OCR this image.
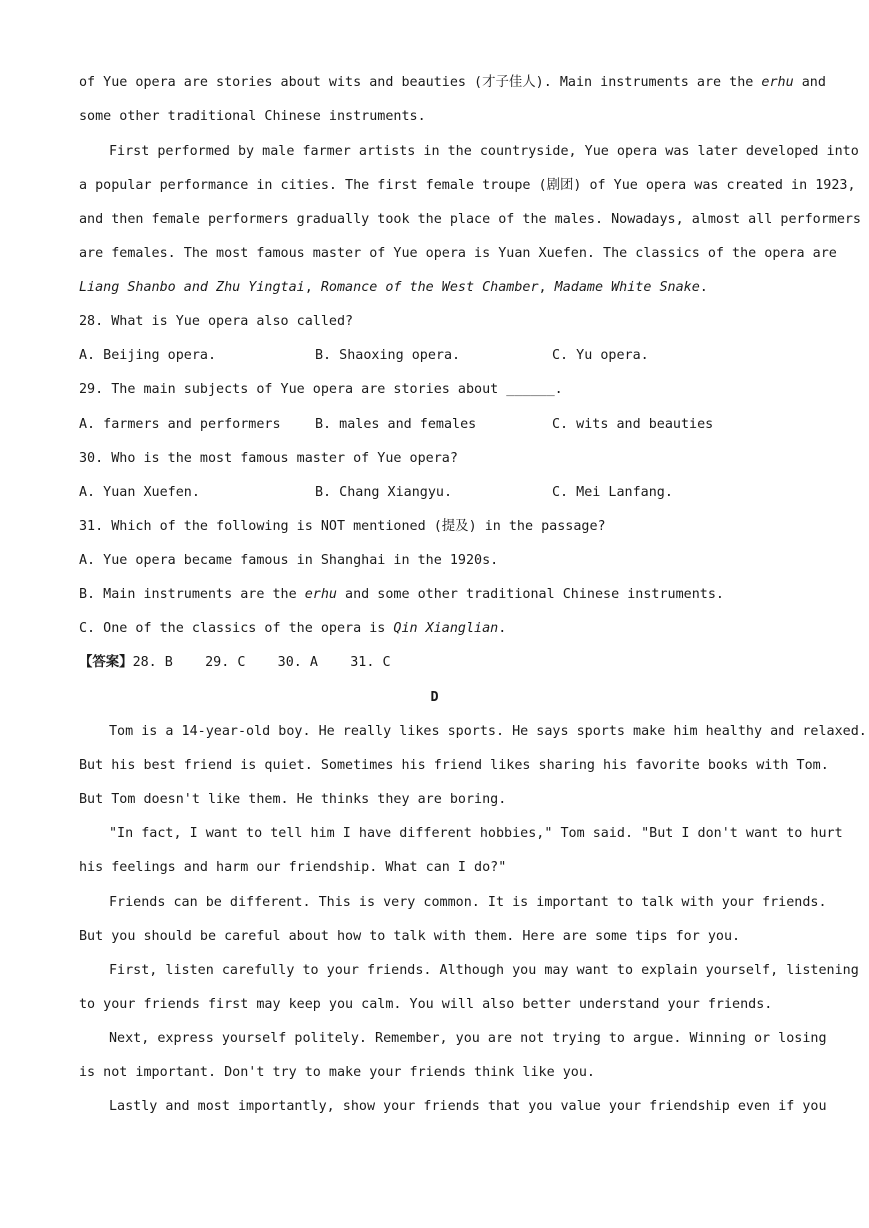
of Yue opera are stories about wits and beauties (才子佳人). Main instruments are the erhu and
some other traditional Chinese instruments.
First performed by male farmer artists in the countryside, Yue opera was later developed into
a popular performance in cities. The first female troupe (剧团) of Yue opera was created in 1923,
and then female performers gradually took the place of the males. Nowadays, almost all performers
are females. The most famous master of Yue opera is Yuan Xuefen. The classics of the opera are
Liang Shanbo and Zhu Yingtai, Romance of the West Chamber, Madame White Snake.
28. What is Yue opera also called?
A. Beijing opera.	B. Shaoxing opera.	C. Yu opera.
29. The main subjects of Yue opera are stories about ______.
A. farmers and performers	B. males and females	C. wits and beauties
30. Who is the most famous master of Yue opera?
A. Yuan Xuefen.	B. Chang Xiangyu.	C. Mei Lanfang.
31. Which of the following is NOT mentioned (提及) in the passage?
A. Yue opera became famous in Shanghai in the 1920s.
B. Main instruments are the erhu and some other traditional Chinese instruments.
C. One of the classics of the opera is Qin Xianglian.
【答案】28. B    29. C    30. A    31. C
D
Tom is a 14-year-old boy. He really likes sports. He says sports make him healthy and relaxed.
But his best friend is quiet. Sometimes his friend likes sharing his favorite books with Tom.
But Tom doesn't like them. He thinks they are boring.
"In fact, I want to tell him I have different hobbies," Tom said. "But I don't want to hurt
his feelings and harm our friendship. What can I do?"
Friends can be different. This is very common. It is important to talk with your friends.
But you should be careful about how to talk with them. Here are some tips for you.
First, listen carefully to your friends. Although you may want to explain yourself, listening
to your friends first may keep you calm. You will also better understand your friends.
Next, express yourself politely. Remember, you are not trying to argue. Winning or losing
is not important. Don't try to make your friends think like you.
Lastly and most importantly, show your friends that you value your friendship even if you
